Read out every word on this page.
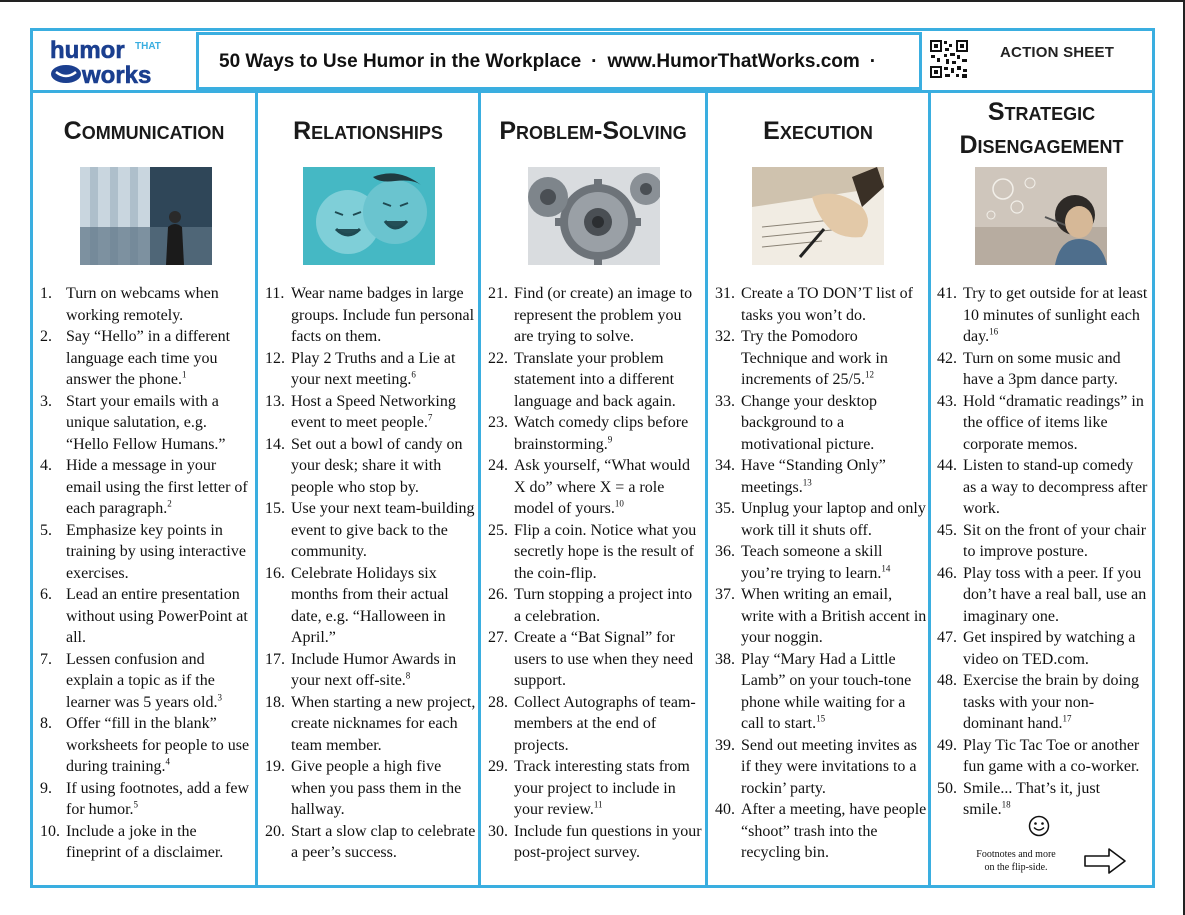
humor THAT
works
50 Ways to Use Humor in the Workplace · www.HumorThatWorks.com ·	ACTION SHEET
Communication
1. Turn on webcams when working remotely.
2. Say “Hello” in a different language each time you answer the phone.$^1$
3. Start your emails with a unique salutation, e.g. “Hello Fellow Humans.”
4. Hide a message in your email using the first letter of each paragraph.$^2$
5. Emphasize key points in training by using interactive exercises.
6. Lead an entire presentation without using PowerPoint at all.
7. Lessen confusion and explain a topic as if the learner was 5 years old.$^3$
8. Offer “fill in the blank” worksheets for people to use during training.$^4$
9. If using footnotes, add a few for humor.$^5$
10. Include a joke in the fineprint of a disclaimer.
Relationships
11. Wear name badges in large groups. Include fun personal facts on them.
12. Play 2 Truths and a Lie at your next meeting.$^6$
13. Host a Speed Networking event to meet people.$^7$
14. Set out a bowl of candy on your desk; share it with people who stop by.
15. Use your next team-building event to give back to the community.
16. Celebrate Holidays six months from their actual date, e.g. “Halloween in April.”
17. Include Humor Awards in your next off-site.$^8$
18. When starting a new project, create nicknames for each team member.
19. Give people a high five when you pass them in the hallway.
20. Start a slow clap to celebrate a peer’s success.
Problem-Solving
21. Find (or create) an image to represent the problem you are trying to solve.
22. Translate your problem statement into a different language and back again.
23. Watch comedy clips before brainstorming.$^9$
24. Ask yourself, “What would X do” where X = a role model of yours.$^{10}$
25. Flip a coin. Notice what you secretly hope is the result of the coin-flip.
26. Turn stopping a project into a celebration.
27. Create a “Bat Signal” for users to use when they need support.
28. Collect Autographs of team-members at the end of projects.
29. Track interesting stats from your project to include in your review.$^{11}$
30. Include fun questions in your post-project survey.
Execution
31. Create a TO DON’T list of tasks you won’t do.
32. Try the Pomodoro Technique and work in increments of 25/5.12
33. Change your desktop background to a motivational picture.
34. Have “Standing Only” meetings.$^{13}$
35. Unplug your laptop and only work till it shuts off.
36. Teach someone a skill you’re trying to learn.$^{14}$
37. When writing an email, write with a British accent in your noggin.
38. Play “Mary Had a Little Lamb” on your touch-tone phone while waiting for a call to start.$^{15}$
39. Send out meeting invites as if they were invitations to a rockin’ party.
40. After a meeting, have people “shoot” trash into the recycling bin.
Strategic Disengagement
41. Try to get outside for at least 10 minutes of sunlight each day.$^{16}$
42. Turn on some music and have a 3pm dance party.
43. Hold “dramatic readings” in the office of items like corporate memos.
44. Listen to stand-up comedy as a way to decompress after work.
45. Sit on the front of your chair to improve posture.
46. Play toss with a peer. If you don’t have a real ball, use an imaginary one.
47. Get inspired by watching a video on TED.com.
48. Exercise the brain by doing tasks with your non-dominant hand.$^{17}$
49. Play Tic Tac Toe or another fun game with a co-worker.
50. Smile... That’s it, just smile.$^{18}$
Footnotes and more on the flip-side.
